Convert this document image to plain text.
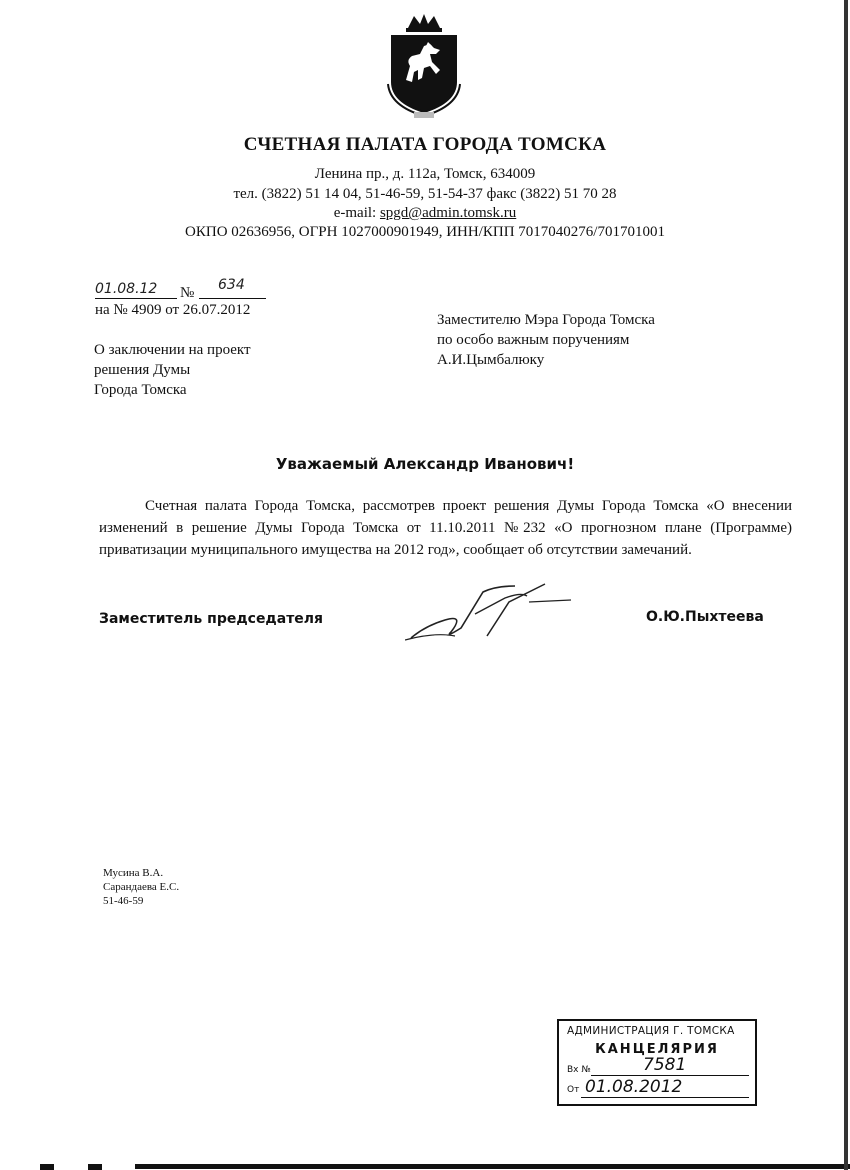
СЧЕТНАЯ ПАЛАТА ГОРОДА ТОМСКА
Ленина пр., д. 112а, Томск, 634009
тел. (3822) 51 14 04, 51-46-59, 51-54-37 факс (3822) 51 70 28
e-mail: spgd@admin.tomsk.ru
ОКПО 02636956, ОГРН 1027000901949, ИНН/КПП 7017040276/701701001
01.08.12 № 634
на № 4909 от 26.07.2012
О заключении на проект
решения Думы
Города Томска
Заместителю Мэра Города Томска
по особо важным поручениям
А.И.Цымбалюку
Уважаемый Александр Иванович!
Счетная палата Города Томска, рассмотрев проект решения Думы Города Томска «О внесении изменений в решение Думы Города Томска от 11.10.2011 №232 «О прогнозном плане (Программе) приватизации муниципального имущества на 2012 год», сообщает об отсутствии замечаний.
Заместитель председателя	О.Ю.Пыхтеева
Мусина В.А.
Сарандаева Е.С.
51-46-59
АДМИНИСТРАЦИЯ Г. ТОМСКА
КАНЦЕЛЯРИЯ
Вх №	7581
От 01.08.2012
